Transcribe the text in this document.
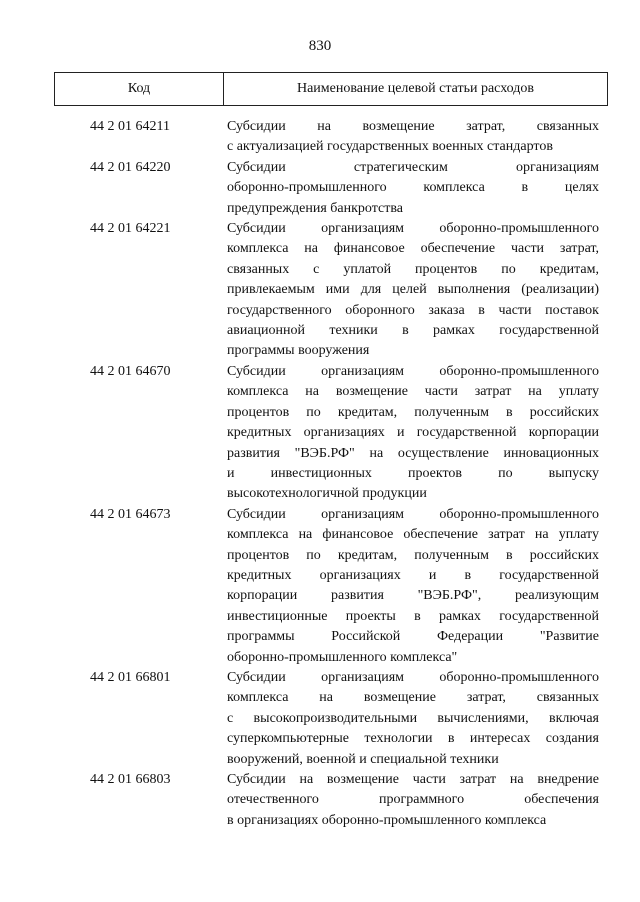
830
Код	Наименование целевой статьи расходов
44 2 01 64211	Субсидии на возмещение затрат, связанных
с актуализацией государственных военных стандартов
44 2 01 64220	Субсидии стратегическим организациям
оборонно-промышленного комплекса в целях
предупреждения банкротства
44 2 01 64221	Субсидии организациям оборонно-промышленного
комплекса на финансовое обеспечение части затрат,
связанных с уплатой процентов по кредитам,
привлекаемым ими для целей выполнения (реализации)
государственного оборонного заказа в части поставок
авиационной техники в рамках государственной
программы вооружения
44 2 01 64670	Субсидии организациям оборонно-промышленного
комплекса на возмещение части затрат на уплату
процентов по кредитам, полученным в российских
кредитных организациях и государственной корпорации
развития "ВЭБ.РФ" на осуществление инновационных
и инвестиционных проектов по выпуску
высокотехнологичной продукции
44 2 01 64673	Субсидии организациям оборонно-промышленного
комплекса на финансовое обеспечение затрат на уплату
процентов по кредитам, полученным в российских
кредитных организациях и в государственной
корпорации развития "ВЭБ.РФ", реализующим
инвестиционные проекты в рамках государственной
программы Российской Федерации "Развитие
оборонно-промышленного комплекса"
44 2 01 66801	Субсидии организациям оборонно-промышленного
комплекса на возмещение затрат, связанных
с высокопроизводительными вычислениями, включая
суперкомпьютерные технологии в интересах создания
вооружений, военной и специальной техники
44 2 01 66803	Субсидии на возмещение части затрат на внедрение
отечественного программного обеспечения
в организациях оборонно-промышленного комплекса
